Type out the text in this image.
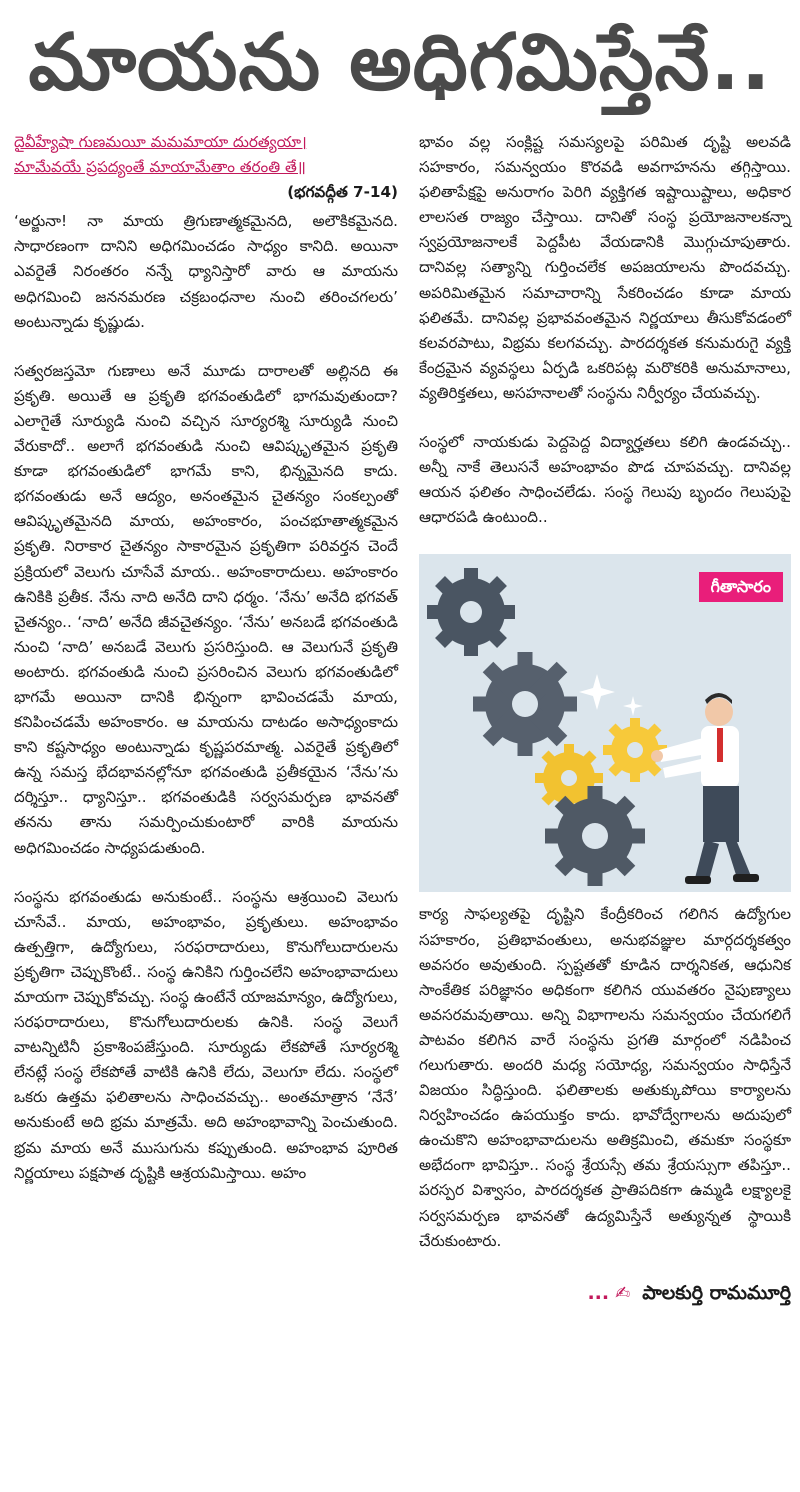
మాయను అధిగమిస్తేనే..
దైవీహ్యేషా గుణమయీ మమమాయా దురత్యయా।
మామేవయే ప్రపద్యంతే మాయామేతాం తరంతి తే॥
(భగవద్గీత 7-14)

‘అర్జునా! నా మాయ త్రిగుణాత్మకమైనది, అలౌకికమైనది. సాధారణంగా దానిని అధిగమించడం సాధ్యం కానిది. అయినా ఎవరైతే నిరంతరం నన్నే ధ్యానిస్తారో వారు ఆ మాయను అధిగమించి జననమరణ చక్రబంధనాల నుంచి తరించగలరు’ అంటున్నాడు కృష్ణుడు.

సత్వరజస్తమో గుణాలు అనే మూడు దారాలతో అల్లినది ఈ ప్రకృతి. అయితే ఆ ప్రకృతి భగవంతుడిలో భాగమవుతుందా? ఎలాగైతే సూర్యుడి నుంచి వచ్చిన సూర్యరశ్మి సూర్యుడి నుంచి వేరుకాదో.. అలాగే భగవంతుడి నుంచి ఆవిష్కృతమైన ప్రకృతి కూడా భగవంతుడిలో భాగమే కాని, భిన్నమైనది కాదు. భగవంతుడు అనే ఆద్యం, అనంతమైన చైతన్యం సంకల్పంతో ఆవిష్కృతమైనది మాయ, అహంకారం, పంచభూతాత్మకమైన ప్రకృతి. నిరాకార చైతన్యం సాకారమైన ప్రకృతిగా పరివర్తన చెందే ప్రక్రియలో వెలుగు చూసేవే మాయ.. అహంకారాదులు. అహంకారం ఉనికికి ప్రతీక. నేను నాది అనేది దాని ధర్మం. ‘నేను’ అనేది భగవత్ చైతన్యం.. ‘నాది’ అనేది జీవచైతన్యం. ‘నేను’ అనబడే భగవంతుడి నుంచి ‘నాది’ అనబడే వెలుగు ప్రసరిస్తుంది. ఆ వెలుగునే ప్రకృతి అంటారు. భగవంతుడి నుంచి ప్రసరించిన వెలుగు భగవంతుడిలో భాగమే అయినా దానికి భిన్నంగా భావించడమే మాయ, కనిపించడమే అహంకారం. ఆ మాయను దాటడం అసాధ్యంకాదు కాని కష్టసాధ్యం అంటున్నాడు కృష్ణపరమాత్మ. ఎవరైతే ప్రకృతిలో ఉన్న సమస్త భేదభావనల్లోనూ భగవంతుడి ప్రతీకయైన ‘నేను’ను దర్శిస్తూ.. ధ్యానిస్తూ.. భగవంతుడికి సర్వసమర్పణ భావనతో తనను తాను సమర్పించుకుంటారో వారికి మాయను అధిగమించడం సాధ్యపడుతుంది.

సంస్థను భగవంతుడు అనుకుంటే.. సంస్థను ఆశ్రయించి వెలుగు చూసేవే.. మాయ, అహంభావం, ప్రకృతులు. అహంభావం ఉత్పత్తిగా, ఉద్యోగులు, సరఫరాదారులు, కొనుగోలుదారులను ప్రకృతిగా చెప్పుకొంటే.. సంస్థ ఉనికిని గుర్తించలేని అహంభావాదులు మాయగా చెప్పుకోవచ్చు. సంస్థ ఉంటేనే యాజమాన్యం, ఉద్యోగులు, సరఫరాదారులు, కొనుగోలుదారులకు ఉనికి. సంస్థ వెలుగే వాటన్నిటినీ ప్రకాశింపజేస్తుంది. సూర్యుడు లేకపోతే సూర్యరశ్మి లేనట్లే సంస్థ లేకపోతే వాటికి ఉనికి లేదు, వెలుగూ లేదు. సంస్థలో ఒకరు ఉత్తమ ఫలితాలను సాధించవచ్చు.. అంతమాత్రాన ‘నేనే’ అనుకుంటే అది భ్రమ మాత్రమే. అది అహంభావాన్ని పెంచుతుంది. భ్రమ మాయ అనే ముసుగును కప్పుతుంది. అహంభావ పూరిత నిర్ణయాలు పక్షపాత దృష్టికి ఆశ్రయమిస్తాయి. అహం

భావం వల్ల సంక్లిష్ట సమస్యలపై పరిమిత దృష్టి అలవడి సహకారం, సమన్వయం కొరవడి అవగాహనను తగ్గిస్తాయి. ఫలితాపేక్షపై అనురాగం పెరిగి వ్యక్తిగత ఇష్టాయిష్టాలు, అధికార లాలసత రాజ్యం చేస్తాయి. దానితో సంస్థ ప్రయోజనాలకన్నా స్వప్రయోజనాలకే పెద్దపీట వేయడానికి మొగ్గుచూపుతారు. దానివల్ల సత్యాన్ని గుర్తించలేక అపజయాలను పొందవచ్చు. అపరిమితమైన సమాచారాన్ని సేకరించడం కూడా మాయ ఫలితమే. దానివల్ల ప్రభావవంతమైన నిర్ణయాలు తీసుకోవడంలో కలవరపాటు, విభ్రమ కలగవచ్చు. పారదర్శకత కనుమరుగై వ్యక్తి కేంద్రమైన వ్యవస్థలు ఏర్పడి ఒకరిపట్ల మరొకరికి అనుమానాలు, వ్యతిరిక్తతలు, అసహనాలతో సంస్థను నిర్వీర్యం చేయవచ్చు.

సంస్థలో నాయకుడు పెద్దపెద్ద విద్యార్హతలు కలిగి ఉండవచ్చు.. అన్నీ నాకే తెలుసనే అహంభావం పొడ చూపవచ్చు. దానివల్ల ఆయన ఫలితం సాధించలేడు. సంస్థ గెలుపు బృందం గెలుపుపై ఆధారపడి ఉంటుంది..

గీతాసారం

కార్య సాఫల్యతపై దృష్టిని కేంద్రీకరించ గలిగిన ఉద్యోగుల సహకారం, ప్రతిభావంతులు, అనుభవజ్ఞుల మార్గదర్శకత్వం అవసరం అవుతుంది. స్పష్టతతో కూడిన దార్శనికత, ఆధునిక సాంకేతిక పరిజ్ఞానం అధికంగా కలిగిన యువతరం నైపుణ్యాలు అవసరమవుతాయి. అన్ని విభాగాలను సమన్వయం చేయగలిగే పాటవం కలిగిన వారే సంస్థను ప్రగతి మార్గంలో నడిపించ గలుగుతారు. అందరి మధ్య సయోధ్య, సమన్వయం సాధిస్తేనే విజయం సిద్ధిస్తుంది. ఫలితాలకు అతుక్కుపోయి కార్యాలను నిర్వహించడం ఉపయుక్తం కాదు. భావోద్వేగాలను అదుపులో ఉంచుకొని అహంభావాదులను అతిక్రమించి, తమకూ సంస్థకూ అభేదంగా భావిస్తూ.. సంస్థ శ్రేయస్సే తమ శ్రేయస్సుగా తపిస్తూ.. పరస్పర విశ్వాసం, పారదర్శకత ప్రాతిపదికగా ఉమ్మడి లక్ష్యాలకై సర్వసమర్పణ భావనతో ఉద్యమిస్తేనే అత్యున్నత స్థాయికి చేరుకుంటారు.

... ✍ పాలకుర్తి రామమూర్తి
